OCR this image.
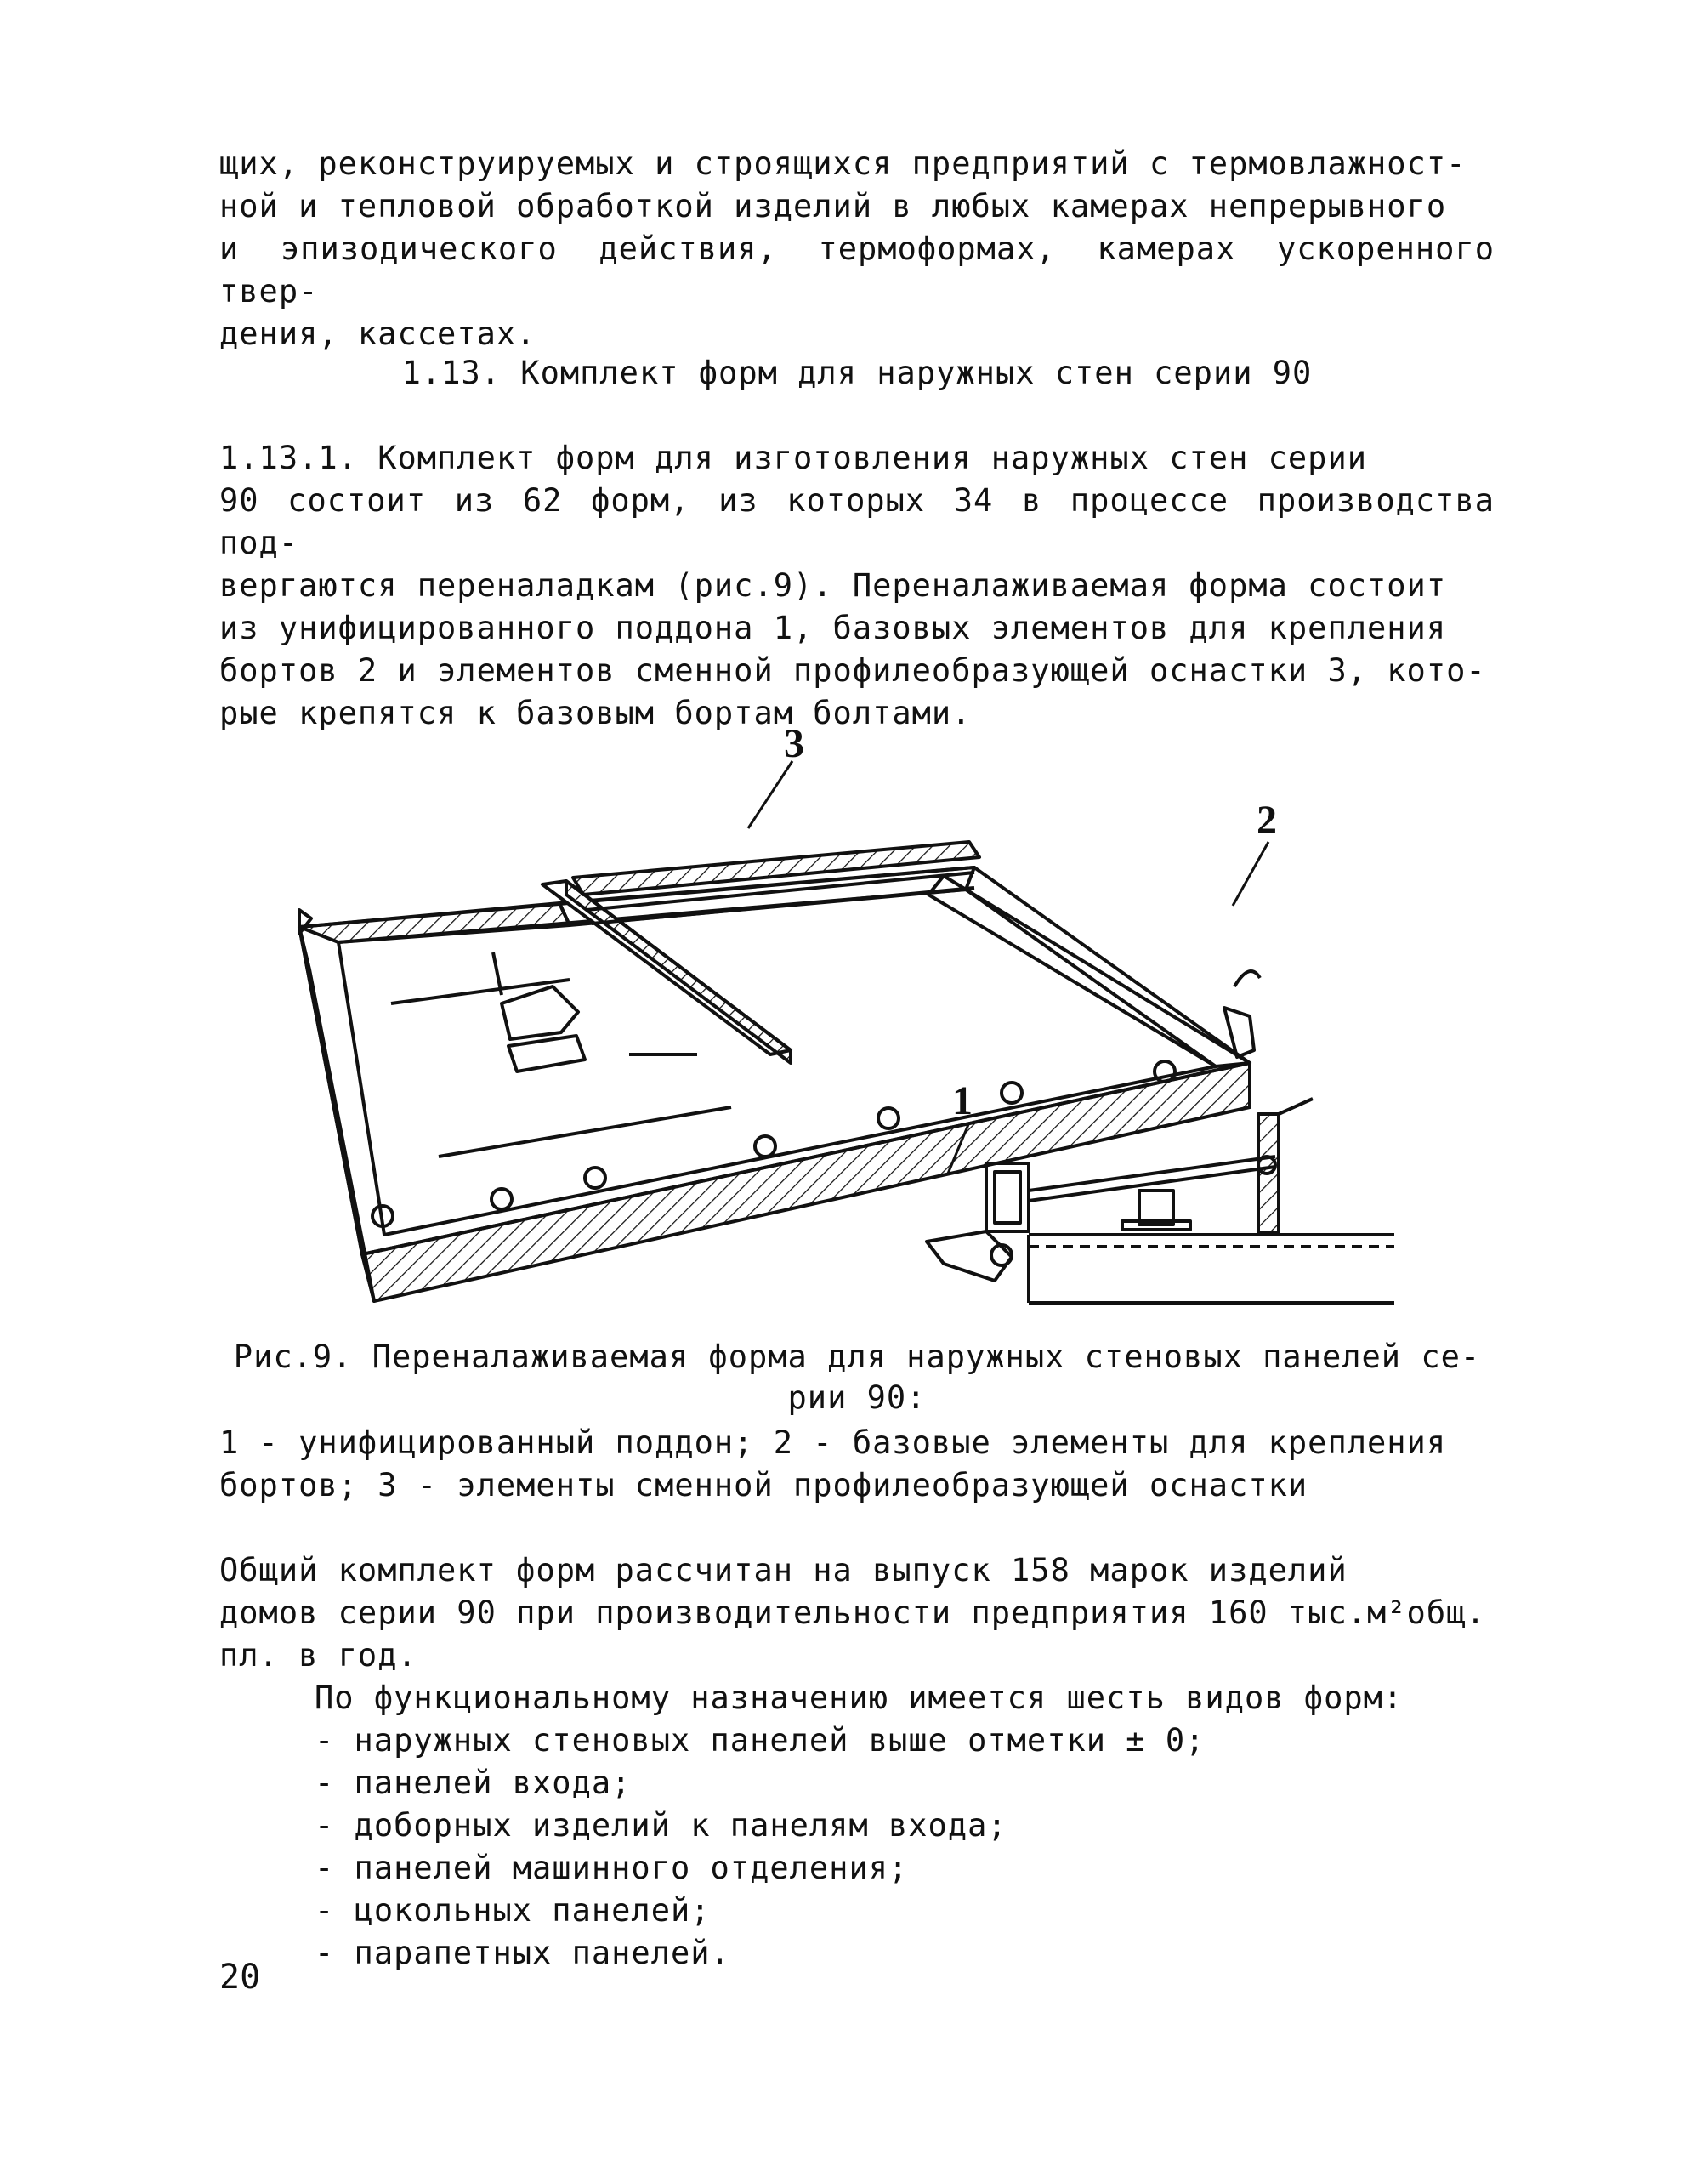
щих, реконструируемых и строящихся предприятий с термовлажност-
ной и тепловой обработкой изделий в любых камерах непрерывного
и эпизодического действия, термоформах, камерах ускоренного твер-
дения, кассетах.
1.13. Комплект форм для наружных стен серии 90
1.13.1. Комплект форм для изготовления наружных стен серии
90 состоит из 62 форм, из которых 34 в процессе производства под-
вергаются переналадкам (рис.9). Переналаживаемая форма состоит
из унифицированного поддона 1, базовых элементов для крепления
бортов 2 и элементов сменной профилеобразующей оснастки 3, кото-
рые крепятся к базовым бортам болтами.
3
2
1
Рис.9. Переналаживаемая форма для наружных стеновых панелей се-
рии 90:
1 - унифицированный поддон; 2 - базовые элементы для крепления
бортов; 3 - элементы сменной профилеобразующей оснастки
Общий комплект форм рассчитан на выпуск 158 марок изделий
домов серии 90 при производительности предприятия 160 тыс.м²общ.
пл. в год.
По функциональному назначению имеется шесть видов форм:
- наружных стеновых панелей выше отметки ± 0;
- панелей входа;
- доборных изделий к панелям входа;
- панелей машинного отделения;
- цокольных панелей;
- парапетных панелей.
20
